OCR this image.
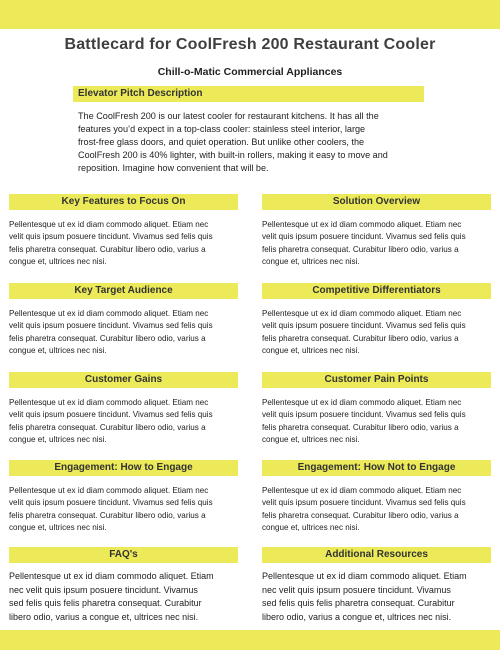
Battlecard for CoolFresh 200 Restaurant Cooler
Chill-o-Matic Commercial Appliances
Elevator Pitch Description
The CoolFresh 200 is our latest cooler for restaurant kitchens. It has all the
features you’d expect in a top-class cooler: stainless steel interior, large
frost-free glass doors, and quiet operation. But unlike other coolers, the
CoolFresh 200 is 40% lighter, with built-in rollers, making it easy to move and
reposition. Imagine how convenient that will be.
Key Features to Focus On
Pellentesque ut ex id diam commodo aliquet. Etiam nec
velit quis ipsum posuere tincidunt. Vivamus sed felis quis
felis pharetra consequat. Curabitur libero odio, varius a
congue et, ultrices nec nisi.
Solution Overview
Pellentesque ut ex id diam commodo aliquet. Etiam nec
velit quis ipsum posuere tincidunt. Vivamus sed felis quis
felis pharetra consequat. Curabitur libero odio, varius a
congue et, ultrices nec nisi.
Key Target Audience
Pellentesque ut ex id diam commodo aliquet. Etiam nec
velit quis ipsum posuere tincidunt. Vivamus sed felis quis
felis pharetra consequat. Curabitur libero odio, varius a
congue et, ultrices nec nisi.
Competitive Differentiators
Pellentesque ut ex id diam commodo aliquet. Etiam nec
velit quis ipsum posuere tincidunt. Vivamus sed felis quis
felis pharetra consequat. Curabitur libero odio, varius a
congue et, ultrices nec nisi.
Customer Gains
Pellentesque ut ex id diam commodo aliquet. Etiam nec
velit quis ipsum posuere tincidunt. Vivamus sed felis quis
felis pharetra consequat. Curabitur libero odio, varius a
congue et, ultrices nec nisi.
Customer Pain Points
Pellentesque ut ex id diam commodo aliquet. Etiam nec
velit quis ipsum posuere tincidunt. Vivamus sed felis quis
felis pharetra consequat. Curabitur libero odio, varius a
congue et, ultrices nec nisi.
Engagement: How to Engage
Pellentesque ut ex id diam commodo aliquet. Etiam nec
velit quis ipsum posuere tincidunt. Vivamus sed felis quis
felis pharetra consequat. Curabitur libero odio, varius a
congue et, ultrices nec nisi.
Engagement: How Not to Engage
Pellentesque ut ex id diam commodo aliquet. Etiam nec
velit quis ipsum posuere tincidunt. Vivamus sed felis quis
felis pharetra consequat. Curabitur libero odio, varius a
congue et, ultrices nec nisi.
FAQ's
Pellentesque ut ex id diam commodo aliquet. Etiam
nec velit quis ipsum posuere tincidunt. Vivamus
sed felis quis felis pharetra consequat. Curabitur
libero odio, varius a congue et, ultrices nec nisi.
Additional Resources
Pellentesque ut ex id diam commodo aliquet. Etiam
nec velit quis ipsum posuere tincidunt. Vivamus
sed felis quis felis pharetra consequat. Curabitur
libero odio, varius a congue et, ultrices nec nisi.
